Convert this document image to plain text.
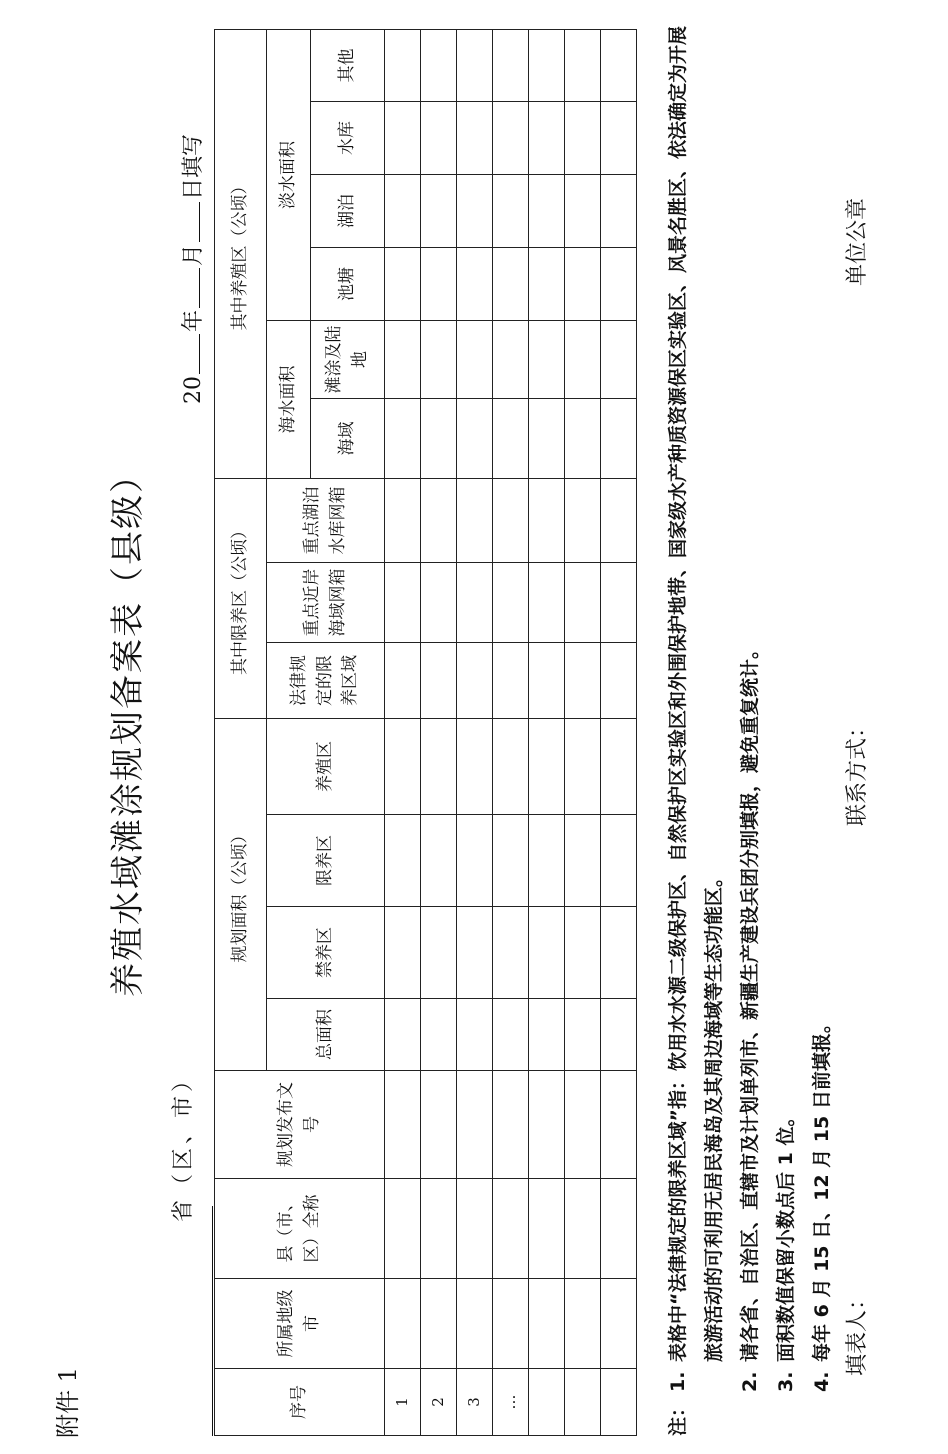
附件 1
养殖水域滩涂规划备案表（县级）
省（区、市）
20年月日填写
序号	所属地级市	县（市、区）全称	规划发布文号	规划面积（公顷）				其中限养区（公顷）			其中养殖区（公顷）					
				总面积	禁养区	限养区	养殖区	法律规定的限养区域	重点近岸海域网箱	重点湖泊水库网箱	海水面积		淡水面积			
											海域	滩涂及陆地	池塘	湖泊	水库	其他
1																
2																
3																
…																

																	注：
1.
表格中“法律规定的限养区域”指：饮用水水源二级保护区、自然保护区实验区和外围保护地带、国家级水产种质资源保区实验区、风景名胜区、依法确定为开展旅游活动的可利用无居民海岛及其周边海域等生态功能区。
2.
请各省、自治区、直辖市及计划单列市、新疆生产建设兵团分别填报，避免重复统计。
3.
面积数值保留小数点后 1 位。
4.
每年 6 月 15 日、12 月 15 日前填报。 填表人：
联系方式：
单位公章
